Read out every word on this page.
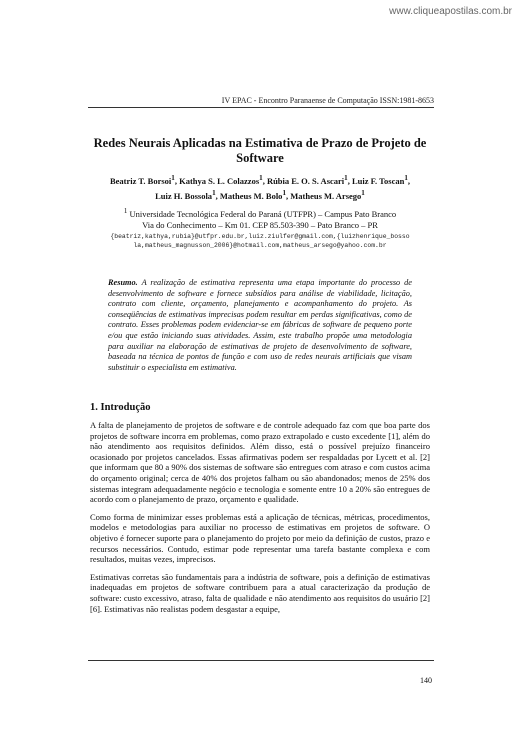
www.cliqueapostilas.com.br
IV EPAC - Encontro Paranaense de Computação ISSN:1981-8653
Redes Neurais Aplicadas na Estimativa de Prazo de Projeto de Software
Beatriz T. Borsoi$^1$, Kathya S. L. Colazzos$^1$, Rúbia E. O. S. Ascari$^1$, Luiz F. Toscan$^1$,
Luiz H. Bossola$^1$, Matheus M. Bolo$^1$, Matheus M. Arsego$^1$
$^1$ Universidade Tecnológica Federal do Paraná (UTFPR) – Campus Pato Branco
Via do Conhecimento – Km 01. CEP 85.503-390 – Pato Branco – PR
{beatriz,kathya,rubia}@utfpr.edu.br,luiz.ziulfer@gmail.com,{luizhenrique_bosso
la,matheus_magnusson_2006}@hotmail.com,matheus_arsego@yahoo.com.br
Resumo. A realização de estimativa representa uma etapa importante do processo de desenvolvimento de software e fornece subsídios para análise de viabilidade, licitação, contrato com cliente, orçamento, planejamento e acompanhamento do projeto. As conseqüências de estimativas imprecisas podem resultar em perdas significativas, como de contrato. Esses problemas podem evidenciar-se em fábricas de software de pequeno porte e/ou que estão iniciando suas atividades. Assim, este trabalho propõe uma metodologia para auxiliar na elaboração de estimativas de projeto de desenvolvimento de software, baseada na técnica de pontos de função e com uso de redes neurais artificiais que visam substituir o especialista em estimativa.
1. Introdução

A falta de planejamento de projetos de software e de controle adequado faz com que boa parte dos projetos de software incorra em problemas, como prazo extrapolado e custo excedente [1], além do não atendimento aos requisitos definidos. Além disso, está o possível prejuízo financeiro ocasionado por projetos cancelados. Essas afirmativas podem ser respaldadas por Lycett et al. [2] que informam que 80 a 90% dos sistemas de software são entregues com atraso e com custos acima do orçamento original; cerca de 40% dos projetos falham ou são abandonados; menos de 25% dos sistemas integram adequadamente negócio e tecnologia e somente entre 10 a 20% são entregues de acordo com o planejamento de prazo, orçamento e qualidade.

Como forma de minimizar esses problemas está a aplicação de técnicas, métricas, procedimentos, modelos e metodologias para auxiliar no processo de estimativas em projetos de software. O objetivo é fornecer suporte para o planejamento do projeto por meio da definição de custos, prazo e recursos necessários. Contudo, estimar pode representar uma tarefa bastante complexa e com resultados, muitas vezes, imprecisos.

Estimativas corretas são fundamentais para a indústria de software, pois a definição de estimativas inadequadas em projetos de software contribuem para a atual caracterização da produção de software: custo excessivo, atraso, falta de qualidade e não atendimento aos requisitos do usuário [2][6]. Estimativas não realistas podem desgastar a equipe,

140
